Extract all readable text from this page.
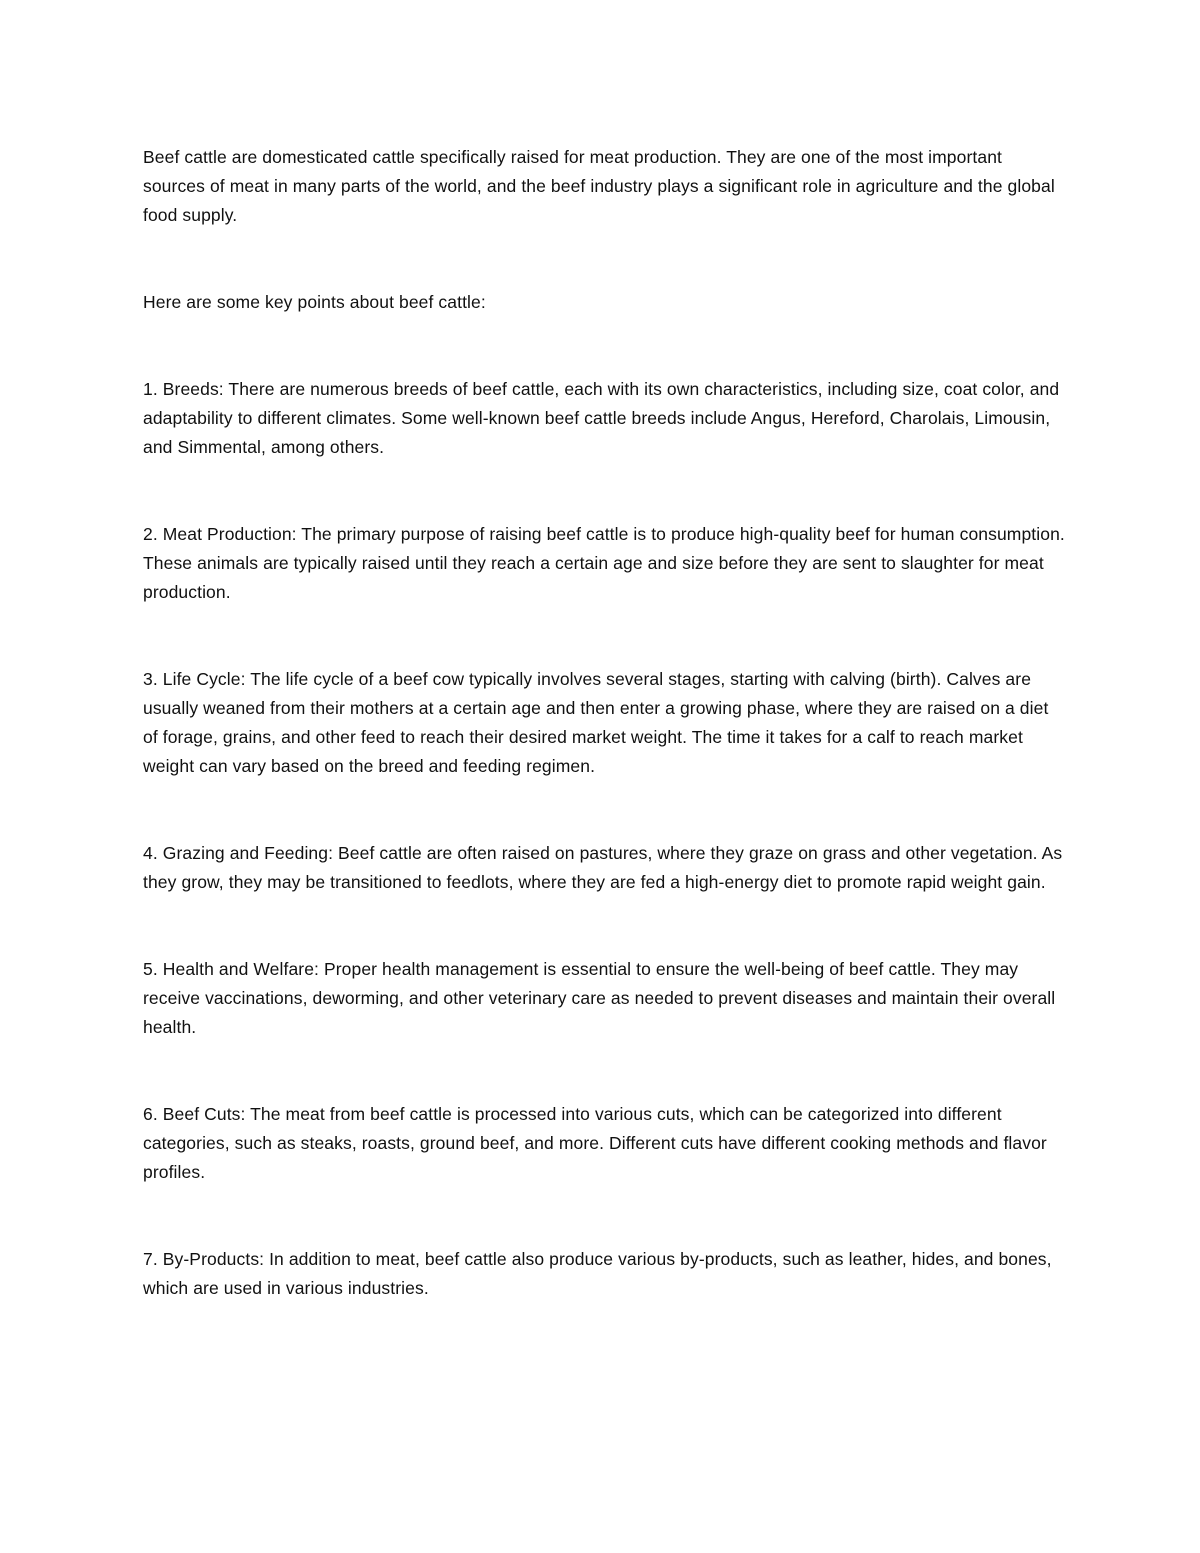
Beef cattle are domesticated cattle specifically raised for meat production. They are one of the most important sources of meat in many parts of the world, and the beef industry plays a significant role in agriculture and the global food supply.

Here are some key points about beef cattle:

1. Breeds: There are numerous breeds of beef cattle, each with its own characteristics, including size, coat color, and adaptability to different climates. Some well-known beef cattle breeds include Angus, Hereford, Charolais, Limousin, and Simmental, among others.

2. Meat Production: The primary purpose of raising beef cattle is to produce high-quality beef for human consumption. These animals are typically raised until they reach a certain age and size before they are sent to slaughter for meat production.

3. Life Cycle: The life cycle of a beef cow typically involves several stages, starting with calving (birth). Calves are usually weaned from their mothers at a certain age and then enter a growing phase, where they are raised on a diet of forage, grains, and other feed to reach their desired market weight. The time it takes for a calf to reach market weight can vary based on the breed and feeding regimen.

4. Grazing and Feeding: Beef cattle are often raised on pastures, where they graze on grass and other vegetation. As they grow, they may be transitioned to feedlots, where they are fed a high-energy diet to promote rapid weight gain.

5. Health and Welfare: Proper health management is essential to ensure the well-being of beef cattle. They may receive vaccinations, deworming, and other veterinary care as needed to prevent diseases and maintain their overall health.

6. Beef Cuts: The meat from beef cattle is processed into various cuts, which can be categorized into different categories, such as steaks, roasts, ground beef, and more. Different cuts have different cooking methods and flavor profiles.

7. By-Products: In addition to meat, beef cattle also produce various by-products, such as leather, hides, and bones, which are used in various industries.
